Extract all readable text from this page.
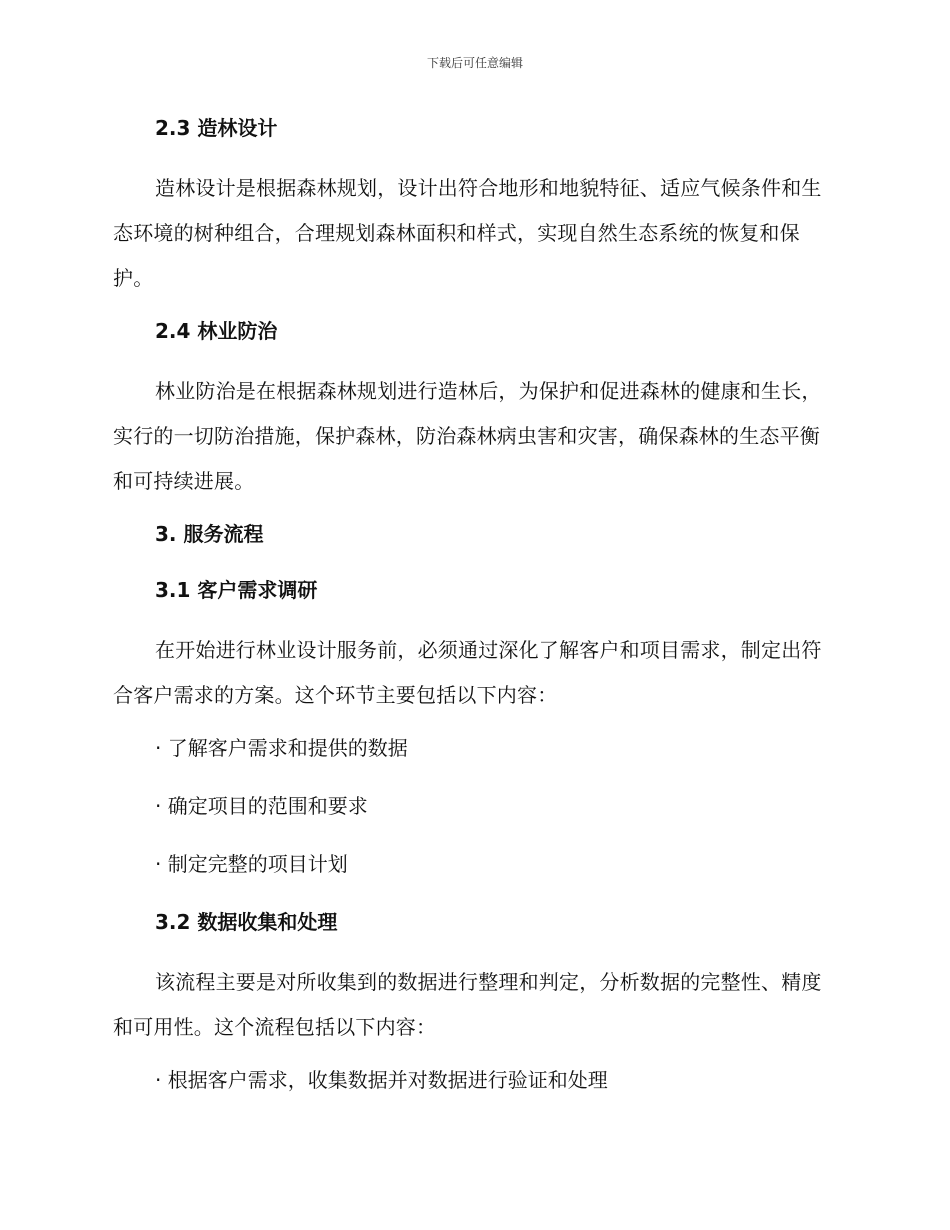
下载后可任意编辑
2.3 造林设计
造林设计是根据森林规划，设计出符合地形和地貌特征、适应气候条件和生态环境的树种组合，合理规划森林面积和样式，实现自然生态系统的恢复和保护。
2.4 林业防治
林业防治是在根据森林规划进行造林后，为保护和促进森林的健康和生长，实行的一切防治措施，保护森林，防治森林病虫害和灾害，确保森林的生态平衡和可持续进展。
3. 服务流程
3.1 客户需求调研
在开始进行林业设计服务前，必须通过深化了解客户和项目需求，制定出符合客户需求的方案。这个环节主要包括以下内容：
· 了解客户需求和提供的数据
· 确定项目的范围和要求
· 制定完整的项目计划
3.2 数据收集和处理
该流程主要是对所收集到的数据进行整理和判定，分析数据的完整性、精度和可用性。这个流程包括以下内容：
· 根据客户需求，收集数据并对数据进行验证和处理
